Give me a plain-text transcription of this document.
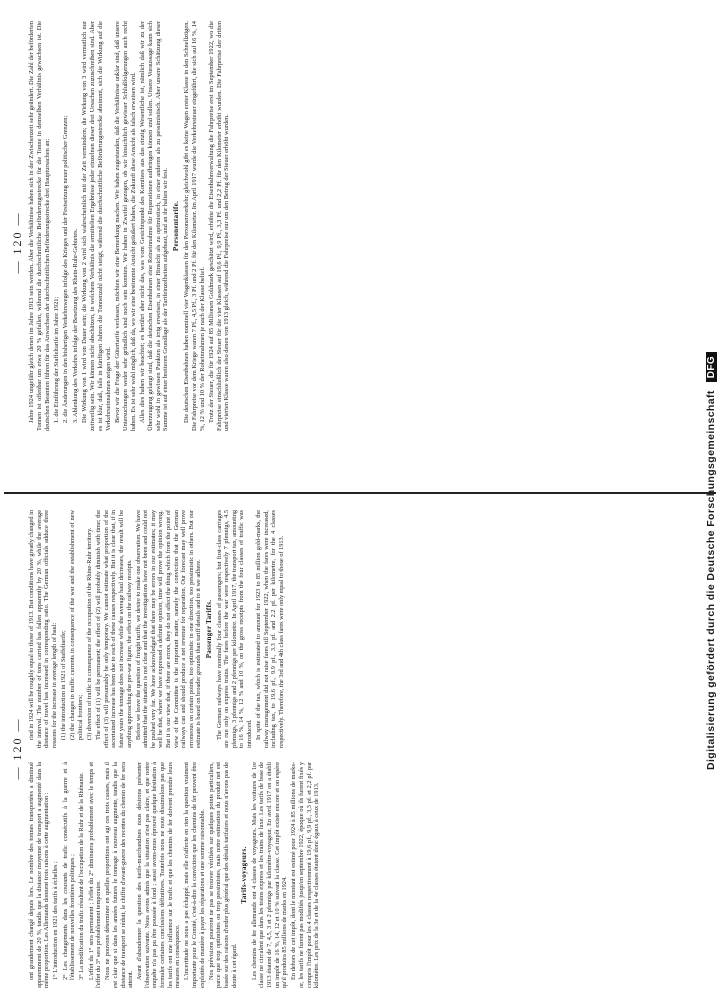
— 120 —

ont grandement changé depuis lors. Le nombre des tonnes transportées a diminué apparemment de 20 %, tandis que la distance moyenne de transport a augmenté dans la même proportion. Les Allemands donnent trois raisons à cette augmentation : 1° L'introduction en 1921 des tarifs à échelles ; 2° Les changements dans les courants de trafic consécutifs à la guerre et à l'établissement de nouvelles frontières politiques ; 3° La modification du trafic résultant de l'occupation de la Ruhr et de la Rhénanie. L'effet du 1° sera permanent ; l'effet du 2° diminuera probablement avec le temps et l'effet du 3° sera probablement temporaire. Nous ne pouvons déterminer en quelles proportions ont agi ces trois causes, mais il est clair que si dans les années futures le tonnage à nouveau augmente, tandis que la distance de transport se réduit, le chiffre d'avant-guerre des recettes du chemin de fer sera atteint. Avant d'abandonner la question des tarifs-marchandises nous désirons présenter l'observation suivante. Nous avons admis que la situation n'est pas claire, et que notre enquête n'a pas pu être poussée à fond ; aussi avons-nous éprouvé quelque hésitation à formuler certaines conclusions définitives. Toutefois nous ne nous dissimulons pas que les tarifs ont une influence sur le trafic et que les chemins de fer doivent prendre leurs mesures en conséquence. L'incertitude ne nous a pas échappé, mais elle n'affecte en rien la question vraiment importante pour le Comité, c'est-à-dire la conviction que les chemins de fer peuvent être exploités de manière à payer les réparations et une somme raisonnable. Nos prévisions pourront ne pas se trouver vérifiées sur quelques points particuliers, parce que trop optimistes ou trop pessimistes, mais notre estimation du produit net est basée sur des raisons d'ordre plus général que des détails tarifaires et nous n'avons pas de doute à cet égard.

Tarifs-voyageurs. Les chemins de fer allemands ont 4 classes de voyageurs. Mais les voitures de 1re classe ne circulent que dans les trains express et les trains de luxe. Les tarifs de base de 1913 étaient de 7, 4,5, 3 et 2 pfennigs par kilomètre-voyageur. En avril 1917 on a établi un impôt de 16 %, 14, 12 et 10 % suivant la classe. Cet impôt existe encore et on espère qu'il produira 85 millions de marks en 1924. En dehors de cet impôt, dont le montant est estimé pour 1924 à 85 millions de marks-or, les tarifs ne furent pas modifiés jusqu'en septembre 1922, époque où ils furent fixés y compris l'impôt pour les 4 classes respectivement à 19,6 pf., 9,9 pf., 3,3 pf. et 2,2 pf. par kilomètre. Les prix de la 3e et de la 4e classes étaient donc égaux à ceux de 1913.

ried in 1924 will be roughly equal to those of 1913. But conditions have greatly changed in the interval. The number of tons carried has fallen apparently by 20 %, while the average distance of travel has increased in corresponding ratio. The German officials adduce three reasons for the increase in average length of haul: (1) the introduction in 1921 of Staffeltarife; (2) the changes in traffic currents in consequence of the war and the establishment of new political frontiers; (3) diversion of traffic in consequence of the occupation of the Rhine-Ruhr territory. The effect of (1) will be permanent; the effect of (2) will probably diminish with time; the effect of (3) will presumably be only temporary. We cannot estimate what proportion of the ascertained increase has been due to each of these causes respectively. But it is clear that, if in future years the tonnage does not increase while the average haul decreases, the result will be anything approaching the pre-war figure, the effect on the railway receipts. Before we leave the question of freight tariffs, we desire to make one observation. We have admitted that the situation is not clear and that the investigations have not been and could not be pushed very far. We have acknowledged that there may be errors in our estimates; it may well be that, where we have expressed a definite opinion, time will prove the opinion wrong. But it is our view that, if there are errors, they do not affect the thing which from the point of view of the Committee is the important matter, namely the conviction that the German railways can and should produce a net revenue for reparation. Our forecast may well prove erroneous on certain points, too optimistic in one direction, too pessimistic in others. But our estimate is based on broader grounds than tariff details and to it we adhere. Passenger Tariffs. The German railways have nominally four classes of passengers; but first-class carriages are run only on express trains. The fares before the war were respectively 7 pfennigs, 4.5 pfennigs, 3 pfennigs and 2 pfennigs per kilometre. In April 1917, the transport tax, amounting to 16 %, 14 %, 12 % and 10 %, on the gross receipts from the four classes of traffic was introduced. In spite of the tax, which is estimated to amount for 1923 to 85 million gold-marks, the railway management did not raise fares till September 1922, when the fares were increased, including tax, to 19.6 pf., 9.9 pf., 3.3 pf. and 2.2 pf. per kilometre, for the 4 classes respectively. Therefore, the 3rd and 4th class fares were only equal to those of 1913.

— 120 — Jahre 1924 ungefähr gleich denen im Jahre 1913 sein werden. Aber die Verhältnisse haben sich in der Zwischenzeit sehr geändert. Die Zahl der beförderten Tonnen ist offenbar um etwa 20 % gefallen, während die durchschnittliche Beförderungsstrecke für die Tonne in demselben Verhältnis gewachsen ist. Die deutschen Beamten führen für das Anwachsen der durchschnittlichen Beförderungsstrecke drei Hauptursachen an: 1. die Einführung der Staffeltarife im Jahre 1921; 2. die Änderungen in den bisherigen Verkehrswegen infolge des Krieges und der Festsetzung neuer politischer Grenzen; 3. Ablenkung des Verkehrs infolge der Besetzung des Rhein-Ruhr-Gebietes. Die Wirkung von 1 wird von Dauer sein; die Wirkung von 2 wird sich wahrscheinlich mit der Zeit vermindern; die Wirkung von 3 wird vermutlich nur zeitweilig sein. Wir können nicht abschätzen, in welchem Verhältnis die ermittelten Ergebnisse jeder einzelnen dieser drei Ursachen zuzuschreiben sind. Aber es ist klar, daß, falls in künftigen Jahren die Tonnenzahl nicht steigt, während die durchschnittliche Beförderungsstrecke abnimmt, sich die Wirkung auf die Verkehrseinnahmen zeigen wird. Bevor wir die Frage der Gütertarife verlassen, möchten wir eine Bemerkung machen. Wir haben zugestanden, daß die Verhältnisse unklar sind, daß unsere Untersuchungen weder sehr gründlich sind noch sein konnten. Wir haben in Zweifel gezogen, ob wir hinsichtlich gewisser Schlußfolgerungen auch recht haben. Es ist sehr wohl möglich, daß da, wo wir eine bestimmte Ansicht geäußert haben, die Zukunft diese Ansicht als falsch erweisen wird. Alles dies haben wir beachtet; es berührt aber nicht das, was vom Gesichtspunkt des Komitees aus das einzig Wesentliche ist, nämlich daß wir zu der Überzeugung gelangt sind, daß die deutschen Eisenbahnen eine Reineinnahme für Reparationen aufbringen können und sollen. Unsere Voraussage kann sich sehr wohl in gewissen Punkten als irrig erweisen, in einer Hinsicht als zu optimistisch, in einer anderen als zu pessimistisch. Aber unsere Schätzung dieser Summe ist auf einer breiteren Grundlage als der Tarifeinzelheiten aufgebaut, und an ihr halten wir fest. Personentarife. Die deutschen Eisenbahnen haben nominell vier Wagenklassen für den Personenverkehr; gleichwohl gibt es keine Wagen erster Klasse in den Schnellzügen. Die Fahrpreise vor dem Kriege waren 7 Pf., 4,5 Pf., 3 Pf. und 2 Pf. für den Kilometer. Im April 1917 wurde die Verkehrssteuer eingeführt, die sich auf 16 %, 14 %, 12 % und 10 % der Roheinnahmen je nach der Klasse belief. Trotz der Steuer, die für 1924 auf 85 Millionen Goldmark geschätzt wird, erhöhte die Eisenbahnverwaltung die Fahrpreise erst im September 1922, wo die Fahrpreise einschließlich der Steuer für die vier Klassen auf 19,6 Pf., 9,9 Pf., 3,3 Pf. und 2,2 Pf. für den Kilometer erhöht wurden. Die Fahrpreise der dritten und vierten Klasse waren also denen von 1913 gleich, während die Fahrpreise nur um den Betrag der Steuer erhöht wurden.

Digitalisierung gefördert durch die Deutsche ForschungsgemeinschaftDFG
